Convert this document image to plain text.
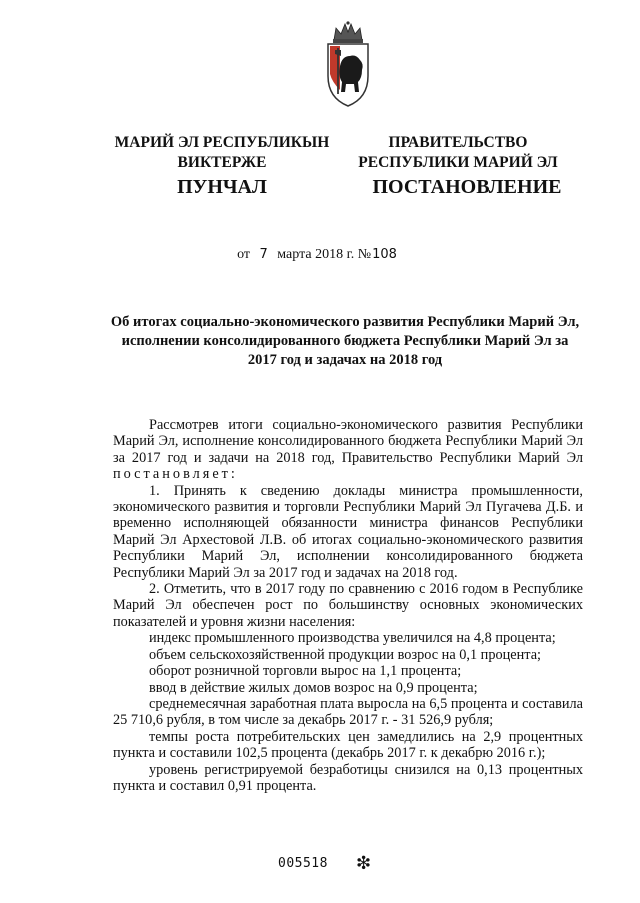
МАРИЙ ЭЛ РЕСПУБЛИКЫН
ВИКТЕРЖЕ
ПУНЧАЛ
ПРАВИТЕЛЬСТВО
РЕСПУБЛИКИ МАРИЙ ЭЛ
ПОСТАНОВЛЕНИЕ
от 7 марта 2018 г. №108
Об итогах социально-экономического развития Республики Марий Эл, исполнении консолидированного бюджета Республики Марий Эл за 2017 год и задачах на 2018 год

Рассмотрев итоги социально-экономического развития Республики Марий Эл, исполнение консолидированного бюджета Республики Марий Эл за 2017 год и задачи на 2018 год, Правительство Республики Марий Эл постановляет:

1. Принять к сведению доклады министра промышленности, экономического развития и торговли Республики Марий Эл Пугачева Д.Б. и временно исполняющей обязанности министра финансов Республики Марий Эл Архестовой Л.В. об итогах социально-экономического развития Республики Марий Эл, исполнении консолидированного бюджета Республики Марий Эл за 2017 год и задачах на 2018 год.

2. Отметить, что в 2017 году по сравнению с 2016 годом в Республике Марий Эл обеспечен рост по большинству основных экономических показателей и уровня жизни населения:

индекс промышленного производства увеличился на 4,8 процента;

объем сельскохозяйственной продукции возрос на 0,1 процента;

оборот розничной торговли вырос на 1,1 процента;

ввод в действие жилых домов возрос на 0,9 процента;

среднемесячная заработная плата выросла на 6,5 процента и составила 25 710,6 рубля, в том числе за декабрь 2017 г. - 31 526,9 рубля;

темпы роста потребительских цен замедлились на 2,9 процентных пункта и составили 102,5 процента (декабрь 2017 г. к декабрю 2016 г.);

уровень регистрируемой безработицы снизился на 0,13 процентных пункта и составил 0,91 процента.

005518 ❇
